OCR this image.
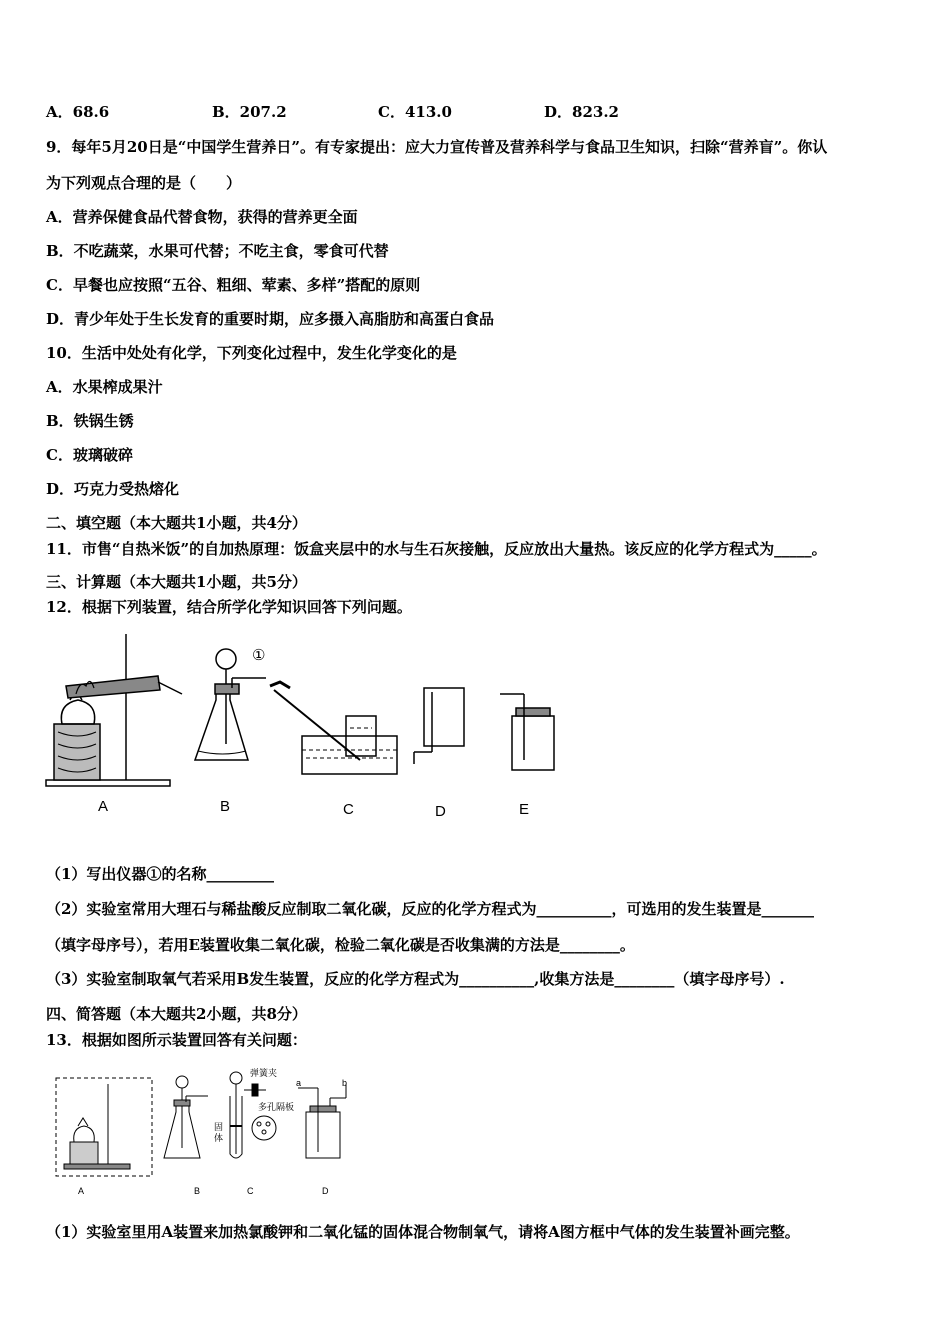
A．68.6	B．207.2	C．413.0	D．823.2
9．每年5月20日是“中国学生营养日”。有专家提出：应大力宣传普及营养科学与食品卫生知识，扫除“营养盲”。你认
为下列观点合理的是（　　）
A．营养保健食品代替食物，获得的营养更全面
B．不吃蔬菜，水果可代替；不吃主食，零食可代替
C．早餐也应按照“五谷、粗细、荤素、多样”搭配的原则
D．青少年处于生长发育的重要时期，应多摄入高脂肪和高蛋白食品
10．生活中处处有化学，下列变化过程中，发生化学变化的是
A．水果榨成果汁
B．铁锅生锈
C．玻璃破碎
D．巧克力受热熔化
二、填空题（本大题共1小题，共4分）
11．市售“自热米饭”的自加热原理：饭盒夹层中的水与生石灰接触，反应放出大量热。该反应的化学方程式为_____。
三、计算题（本大题共1小题，共5分）
12．根据下列装置，结合所学化学知识回答下列问题。
A	B	C	D	E
①
（1）写出仪器①的名称_________
（2）实验室常用大理石与稀盐酸反应制取二氧化碳，反应的化学方程式为__________，可选用的发生装置是_______
（填字母序号），若用E装置收集二氧化碳，检验二氧化碳是否收集满的方法是________。
（3）实验室制取氧气若采用B发生装置，反应的化学方程式为__________,收集方法是________（填字母序号）.
四、简答题（本大题共2小题，共8分）
13．根据如图所示装置回答有关问题：
A	B	C	D
弹簧夹
多孔隔板
固体
a	b
（1）实验室里用A装置来加热氯酸钾和二氧化锰的固体混合物制氧气，请将A图方框中气体的发生装置补画完整。
